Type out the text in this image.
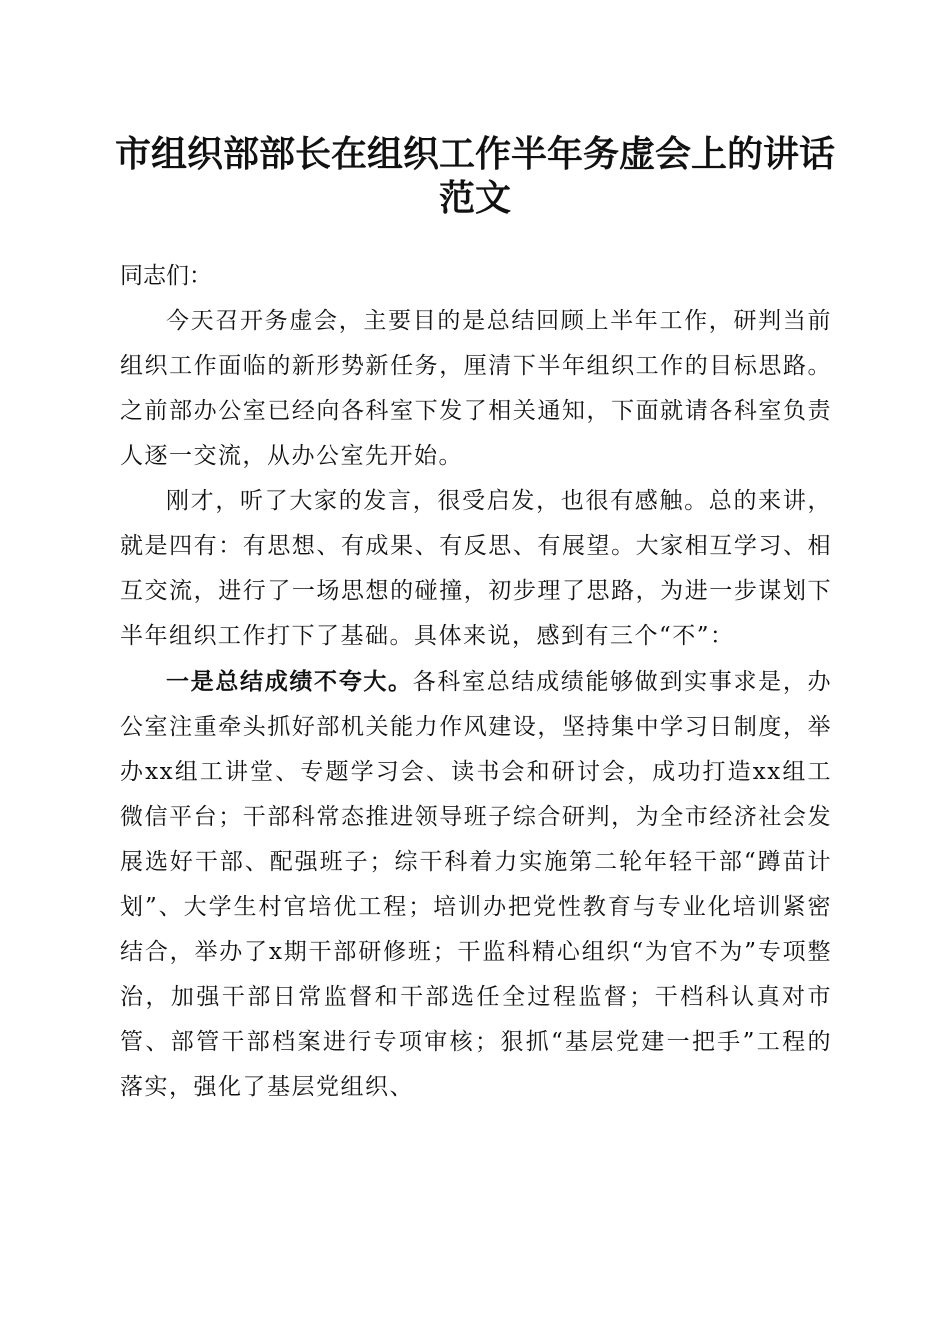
市组织部部长在组织工作半年务虚会上的讲话
范文

同志们：

今天召开务虚会，主要目的是总结回顾上半年工作，研判当前组织工作面临的新形势新任务，厘清下半年组织工作的目标思路。之前部办公室已经向各科室下发了相关通知，下面就请各科室负责人逐一交流，从办公室先开始。

刚才，听了大家的发言，很受启发，也很有感触。总的来讲，就是四有：有思想、有成果、有反思、有展望。大家相互学习、相互交流，进行了一场思想的碰撞，初步理了思路，为进一步谋划下半年组织工作打下了基础。具体来说，感到有三个“不”：

一是总结成绩不夸大。各科室总结成绩能够做到实事求是，办公室注重牵头抓好部机关能力作风建设，坚持集中学习日制度，举办xx组工讲堂、专题学习会、读书会和研讨会，成功打造xx组工微信平台；干部科常态推进领导班子综合研判，为全市经济社会发展选好干部、配强班子；综干科着力实施第二轮年轻干部“蹲苗计划”、大学生村官培优工程；培训办把党性教育与专业化培训紧密结合，举办了x期干部研修班；干监科精心组织“为官不为”专项整治，加强干部日常监督和干部选任全过程监督；干档科认真对市管、部管干部档案进行专项审核；狠抓“基层党建一把手”工程的落实，强化了基层党组织、
